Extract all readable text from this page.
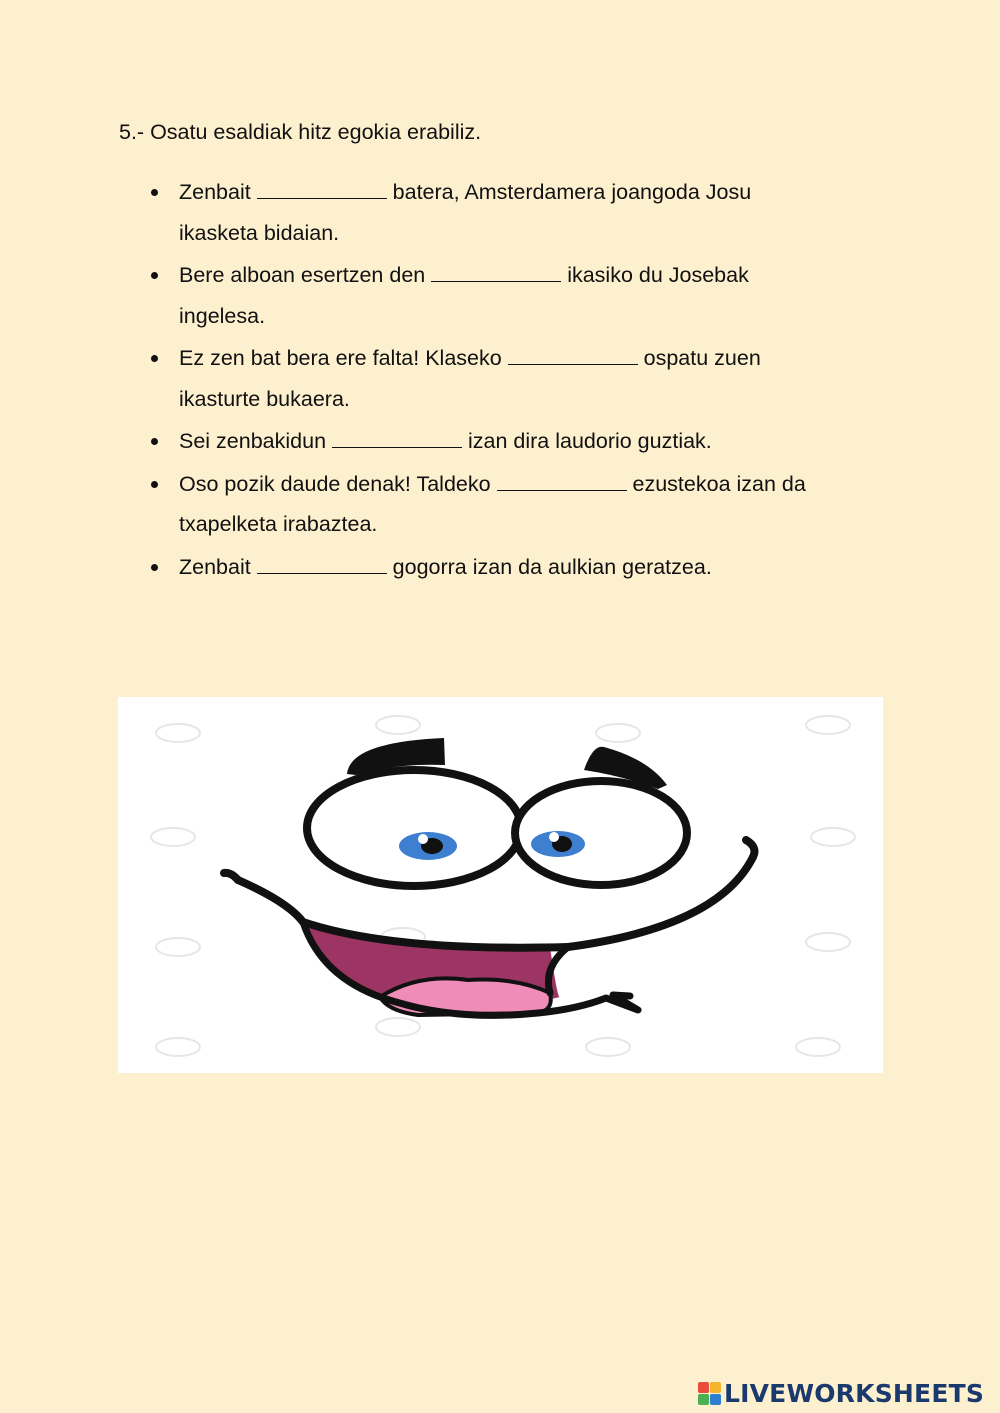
5.- Osatu esaldiak hitz egokia erabiliz.
Zenbait	batera, Amsterdamera joangoda Josu
ikasketa bidaian.
Bere alboan esertzen den	ikasiko du Josebak
ingelesa.
Ez zen bat bera ere falta! Klaseko	ospatu zuen
ikasturte bukaera.
Sei zenbakidun	izan dira laudorio guztiak.
Oso pozik daude denak! Taldeko	ezustekoa izan da
txapelketa irabaztea.
Zenbait	gogorra izan da aulkian geratzea.
LIVEWORKSHEETS
